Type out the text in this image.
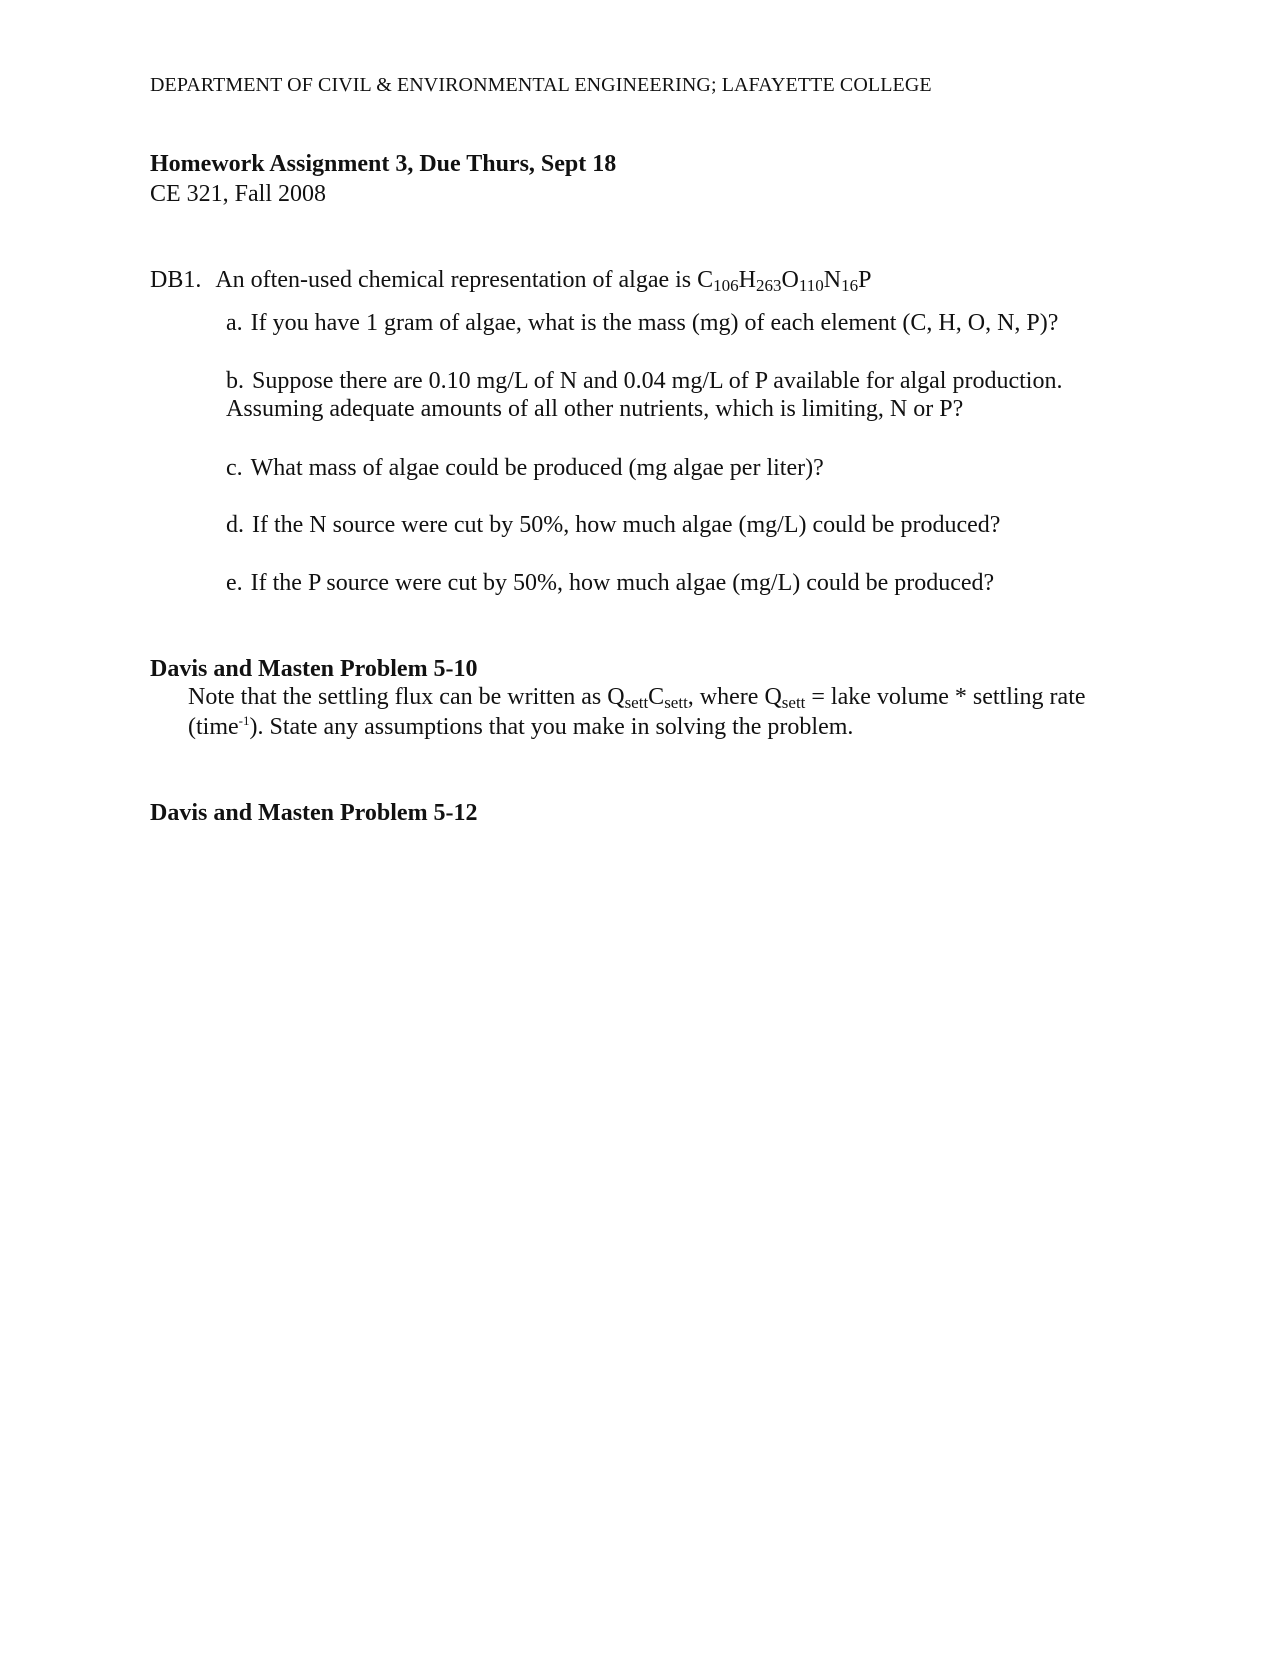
DEPARTMENT OF CIVIL & ENVIRONMENTAL ENGINEERING; LAFAYETTE COLLEGE
Homework Assignment 3, Due Thurs, Sept 18
CE 321, Fall 2008
DB1. An often-used chemical representation of algae is $C_{106}H_{263}O_{110}N_{16}P$
a. If you have 1 gram of algae, what is the mass (mg) of each element (C, H, O, N, P)?
b. Suppose there are 0.10 mg/L of N and 0.04 mg/L of P available for algal production.
Assuming adequate amounts of all other nutrients, which is limiting, N or P?
c. What mass of algae could be produced (mg algae per liter)?
d. If the N source were cut by 50%, how much algae (mg/L) could be produced?
e. If the P source were cut by 50%, how much algae (mg/L) could be produced?
Davis and Masten Problem 5-10
Note that the settling flux can be written as $Q_{sett}C_{sett}$, where $Q_{sett}$ = lake volume * settling rate
(time$^{-1}$). State any assumptions that you make in solving the problem.
Davis and Masten Problem 5-12
